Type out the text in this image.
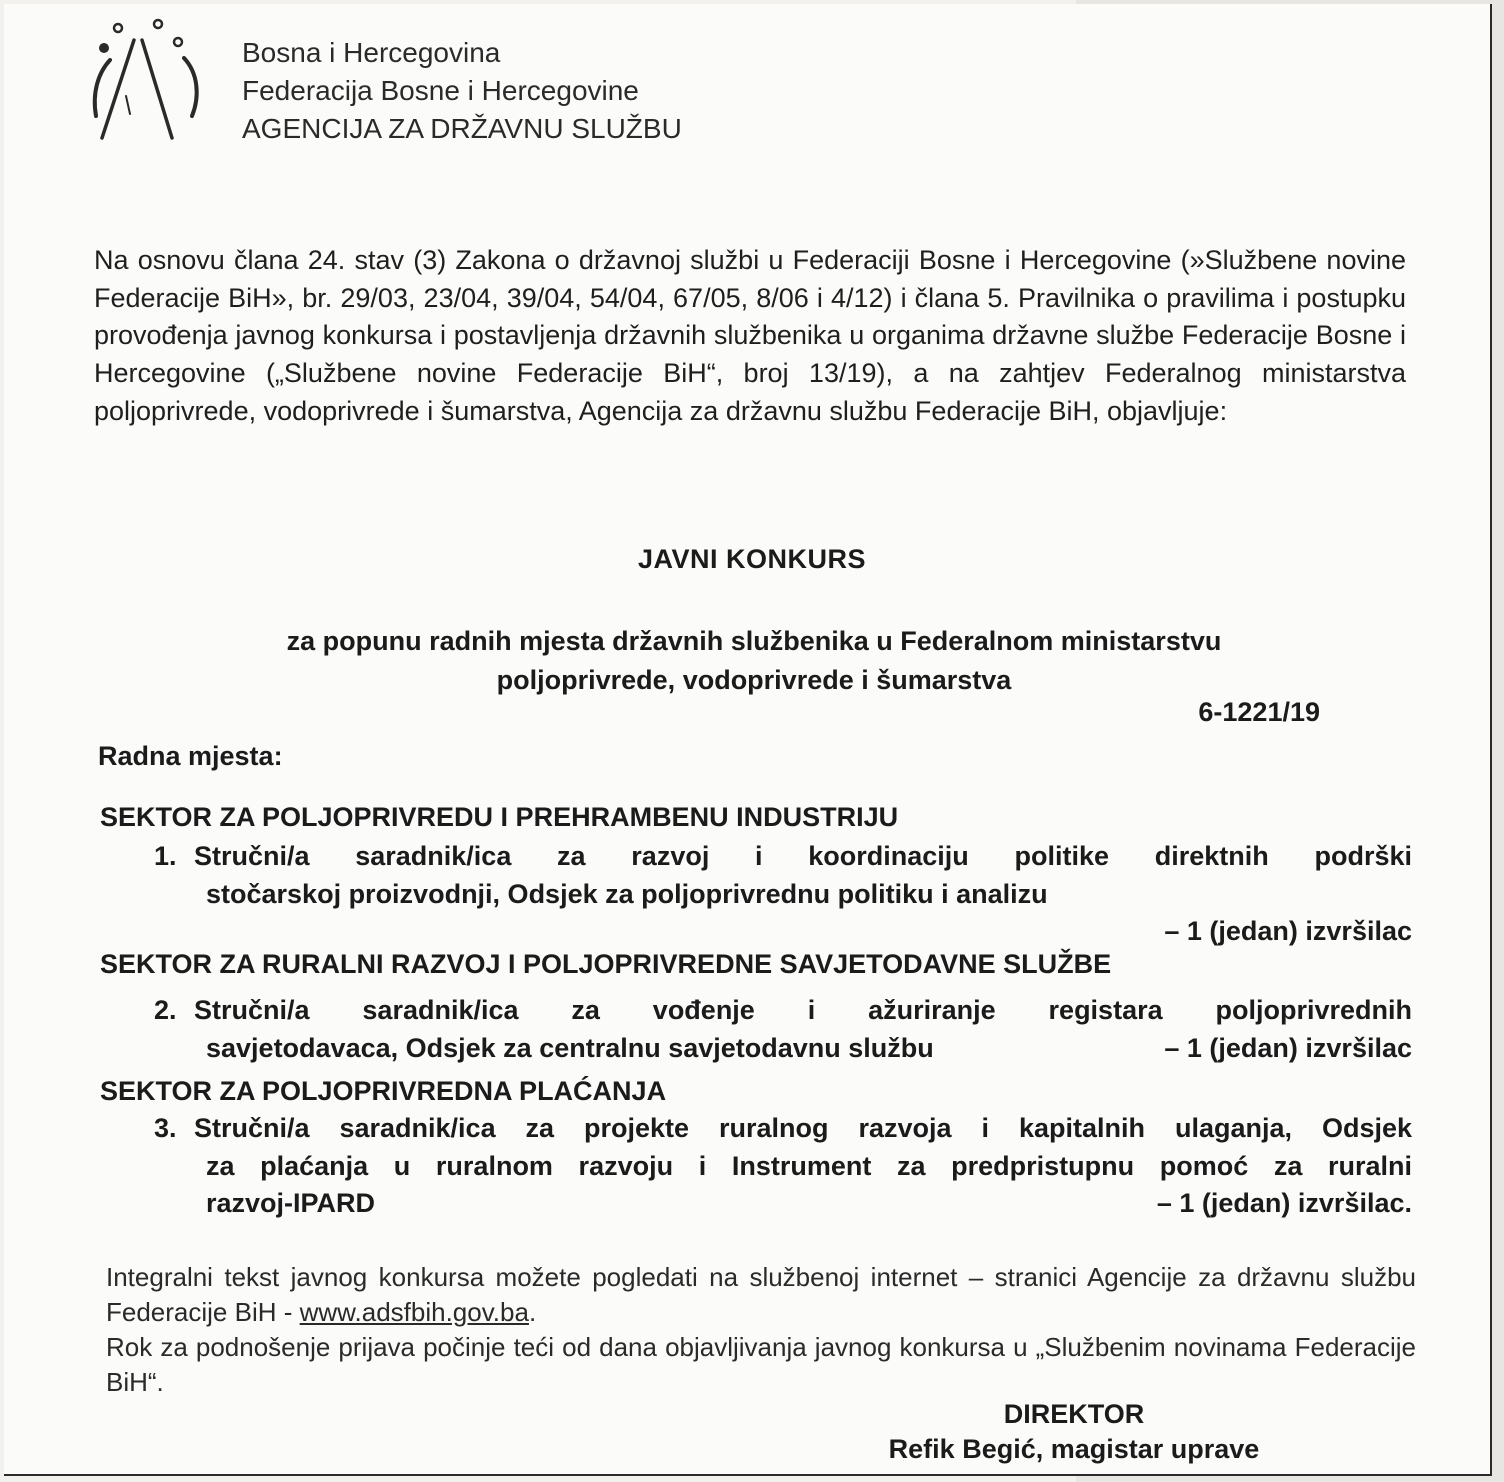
Bosna i Hercegovina
Federacija Bosne i Hercegovine
AGENCIJA ZA DRŽAVNU SLUŽBU
Na osnovu člana 24. stav (3) Zakona o državnoj službi u Federaciji Bosne i Hercegovine (»Službene novine Federacije BiH», br. 29/03, 23/04, 39/04, 54/04, 67/05, 8/06 i 4/12) i člana 5. Pravilnika o pravilima i postupku provođenja javnog konkursa i postavljenja državnih službenika u organima državne službe Federacije Bosne i Hercegovine („Službene novine Federacije BiH“, broj 13/19), a na zahtjev Federalnog ministarstva poljoprivrede, vodoprivrede i šumarstva, Agencija za državnu službu Federacije BiH, objavljuje:
JAVNI KONKURS
za popunu radnih mjesta državnih službenika u Federalnom ministarstvu
poljoprivrede, vodoprivrede i šumarstva
6-1221/19
Radna mjesta:
SEKTOR ZA POLJOPRIVREDU I PREHRAMBENU INDUSTRIJU
1. Stručni/a saradnik/ica za razvoj i koordinaciju politike direktnih podrški
stočarskoj proizvodnji, Odsjek za poljoprivrednu politiku i analizu
– 1 (jedan) izvršilac
SEKTOR ZA RURALNI RAZVOJ I POLJOPRIVREDNE SAVJETODAVNE SLUŽBE
2. Stručni/a saradnik/ica za vođenje i ažuriranje registara poljoprivrednih
savjetodavaca, Odsjek za centralnu savjetodavnu službu	– 1 (jedan) izvršilac
SEKTOR ZA POLJOPRIVREDNA PLAĆANJA
3. Stručni/a saradnik/ica za projekte ruralnog razvoja i kapitalnih ulaganja, Odsjek
za plaćanja u ruralnom razvoju i Instrument za predpristupnu pomoć za ruralni
razvoj-IPARD	– 1 (jedan) izvršilac.
Integralni tekst javnog konkursa možete pogledati na službenoj internet – stranici Agencije za državnu službu Federacije BiH - www.adsfbih.gov.ba.
Rok za podnošenje prijava počinje teći od dana objavljivanja javnog konkursa u „Službenim novinama Federacije BiH“.
DIREKTOR
Refik Begić, magistar uprave
